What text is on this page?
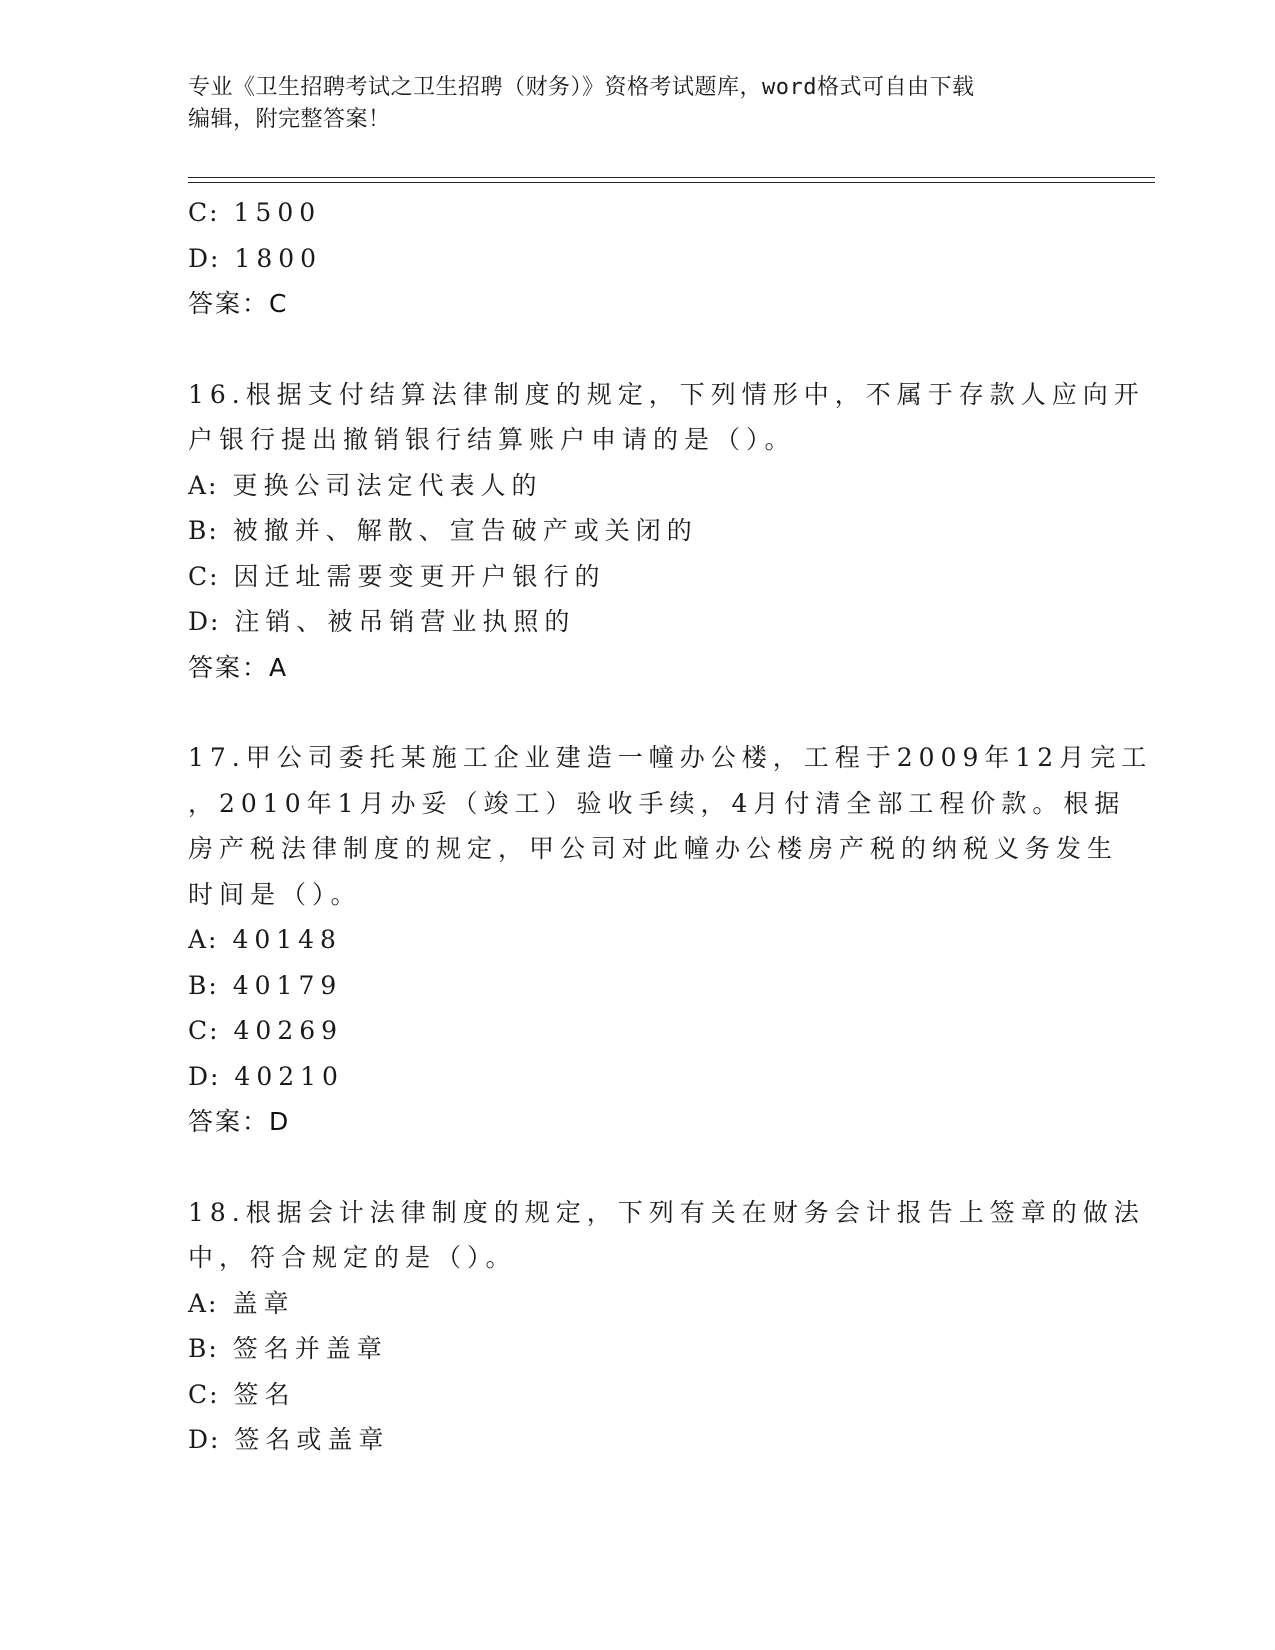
专业《卫生招聘考试之卫生招聘（财务）》资格考试题库，word格式可自由下载
编辑，附完整答案！
C: 1500
D: 1800
答案：C
16.根据支付结算法律制度的规定，下列情形中，不属于存款人应向开
户银行提出撤销银行结算账户申请的是（）。
A: 更换公司法定代表人的
B: 被撤并、解散、宣告破产或关闭的
C: 因迁址需要变更开户银行的
D: 注销、被吊销营业执照的
答案：A
17.甲公司委托某施工企业建造一幢办公楼，工程于2009年12月完工
，2010年1月办妥（竣工）验收手续，4月付清全部工程价款。根据
房产税法律制度的规定，甲公司对此幢办公楼房产税的纳税义务发生
时间是（）。
A: 40148
B: 40179
C: 40269
D: 40210
答案：D
18.根据会计法律制度的规定，下列有关在财务会计报告上签章的做法
中，符合规定的是（）。
A: 盖章
B: 签名并盖章
C: 签名
D: 签名或盖章
